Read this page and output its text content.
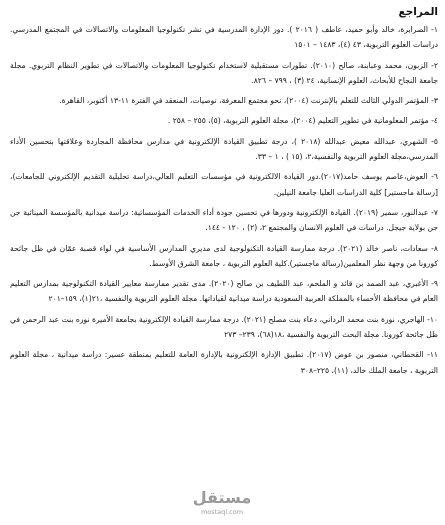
المراجع

١- الصرايرة، خالد وأبو حميد، عاطف ( ٢٠١٦ ). دور الإدارة المدرسية في نشر تكنولوجيا المعلومات والاتصالات في المجتمع المدرسي. دراسات العلوم التربوية، ٤٣ (٤)، ١٤٨٣ – ١٥٠١

٢- الزبون، محمد وعبابنة، صالح (٢٠١٠). تطورات مستقبلية لاستخدام تكنولوجيا المعلومات والاتصالات في تطوير النظام التربوي. مجلة جامعة النجاح للأبحاث، العلوم الإنسانية، ٢٤ (٣) ، ٧٩٩ – ٨٢٦.

٣- المؤتمر الدولي الثالث للتعلم بالإنترنت (٢٠٠٤)، نحو مجتمع المعرفة، توصيات، المنعقد في الفترة ١١-١٣ أكتوبر، القاهرة.

٤- مؤتمر المعلوماتية في تطوير التعليم (٢٠٠٤)، مجلة العلوم التربوية، (٥)، ٢٥٥ – ٢٥٨ .

٥- الشهري، عبدالله معيض عبدالله (٢٠١٨ )، درجة تطبيق القيادة الإلكترونية في مدارس محافظة المجاردة وعلاقتها بتحسين الأداء المدرسي،مجلة العلوم التربوية والنفسية،٢، (١٥ ) ، ١ – ٣٣.

٦- العوض،عاصم يوسف حامد(٢٠١٧).دور القيادة الالكترونية في مؤسسات التعليم العالي،دراسة تحليلية التقديم الإلكتروني للجامعات)، [رسالة ماجستير] كلية الدراسات العليا جامعة النيلين.

٧- عبدالنور، سمير (٢٠١٩). القيادة الإلكترونية ودورها في تحسين جودة أداء الخدمات المؤسساتية: دراسة ميدانية بالمؤسسة المينائية جن جن بولاية جيجل. دراسات في العلوم الانسان والمجتمع ٢، (٢) ، ١٢٠ - ١٤٤.

٨- سعادات، ناصر خالد (٢٠٢١). درجة ممارسة القيادة التكنولوجية لدى مديري المدارس الأساسية في لواء قصبة عمّان في ظل جائحة كورونا من وجهة نظر المعلمين(رسالة ماجستير).كلية العلوم التربوية ، جامعة الشرق الأوسط.

٩- الأغبري، عبد الصمد بن قائد و الملحم، عبد اللطيف بن صالح (٢٠٢٠). مدى تقدير ممارسة معايير القيادة التكنولوجية بمدارس التعليم العام في محافظة الأحساء بالمملكة العربية السعودية دراسة ميدانية لقياداتها. مجلة العلوم التربوية والنفسية ،٢١(١)، ١٥٩–٢٠١

١٠- الهاجري، نورة بنت محمد الرداني، دعاء بنت مصلح (٢٠٢١). درجة ممارسة القيادة الإلكترونية بجامعة الأميرة نوره بنت عبد الرحمن في ظل جائحة كورونا. مجلة البحث التربوية والنفسية ،١٨(٦٨)، ٢٣٩– ٢٧٣

١١- القحطاني، منصور بن عوض (٢٠١٧). تطبيق الإدارة الإلكترونية بالإدارة العامة للتعليم بمنطقة عسير: دراسة ميدانية ، مجلة العلوم التربوية ، جامعة الملك خالد، (١١)، ٢٢٥–٣٠٨

مستقل
mostaql.com
